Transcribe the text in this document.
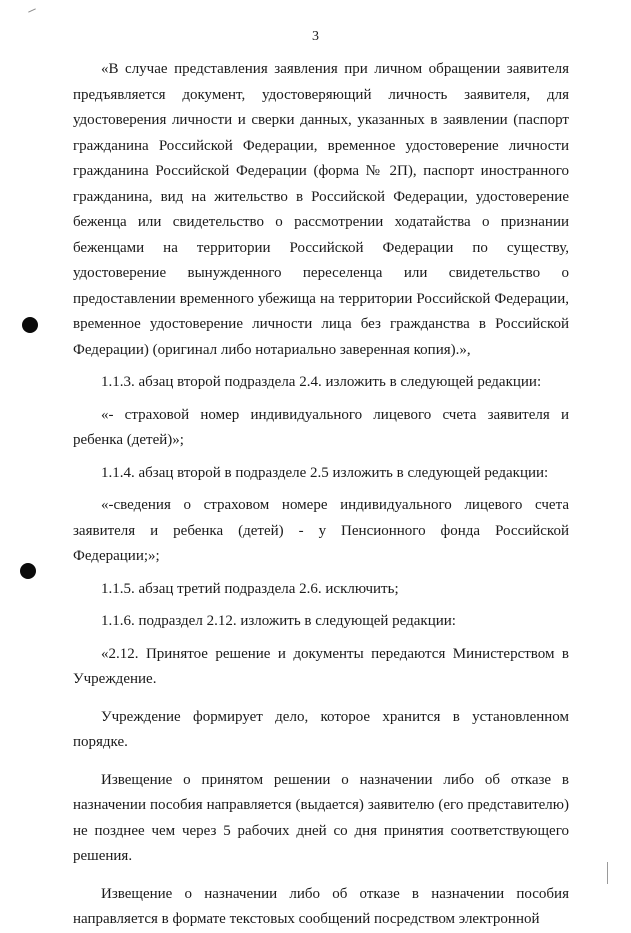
3

«В случае представления заявления при личном обращении заявителя предъявляется документ, удостоверяющий личность заявителя, для удостоверения личности и сверки данных, указанных в заявлении (паспорт гражданина Российской Федерации, временное удостоверение личности гражданина Российской Федерации (форма № 2П), паспорт иностранного гражданина, вид на жительство в Российской Федерации, удостоверение беженца или свидетельство о рассмотрении ходатайства о признании беженцами на территории Российской Федерации по существу, удостоверение вынужденного переселенца или свидетельство о предоставлении временного убежища на территории Российской Федерации, временное удостоверение личности лица без гражданства в Российской Федерации) (оригинал либо нотариально заверенная копия).»,

1.1.3. абзац второй подраздела 2.4. изложить в следующей редакции:

«- страховой номер индивидуального лицевого счета заявителя и ребенка (детей)»;

1.1.4. абзац второй в подразделе 2.5 изложить в следующей редакции:

«-сведения о страховом номере индивидуального лицевого счета заявителя и ребенка (детей) - у Пенсионного фонда Российской Федерации;»;

1.1.5. абзац третий подраздела 2.6. исключить;

1.1.6. подраздел 2.12. изложить в следующей редакции:

«2.12. Принятое решение и документы передаются Министерством в Учреждение.

Учреждение формирует дело, которое хранится в установленном порядке.

Извещение о принятом решении о назначении либо об отказе в назначении пособия направляется (выдается) заявителю (его представителю) не позднее чем через 5 рабочих дней со дня принятия соответствующего решения.

Извещение о назначении либо об отказе в назначении пособия направляется в формате текстовых сообщений посредством электронной
